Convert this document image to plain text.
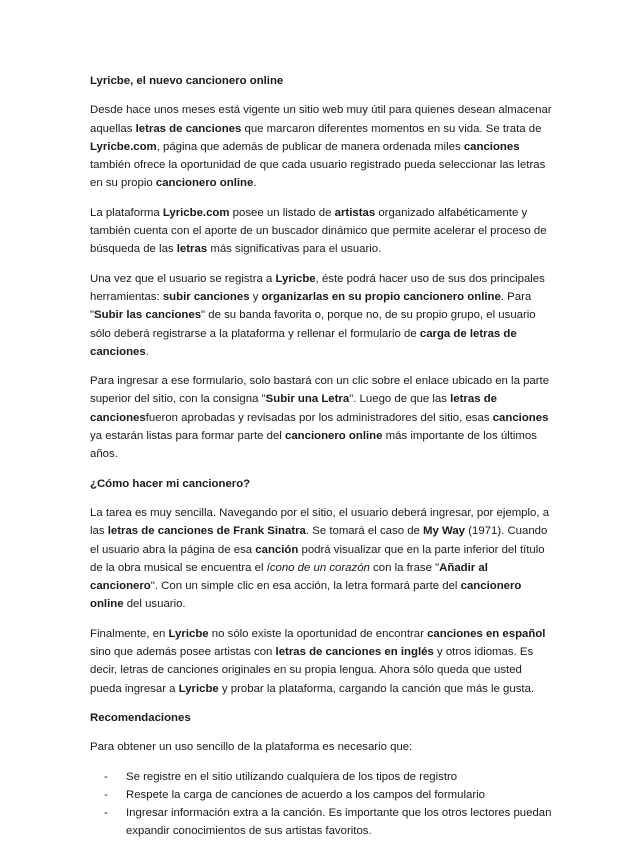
Lyricbe, el nuevo cancionero online

Desde hace unos meses está vigente un sitio web muy útil para quienes desean almacenar aquellas letras de canciones que marcaron diferentes momentos en su vida. Se trata de Lyricbe.com, página que además de publicar de manera ordenada miles canciones también ofrece la oportunidad de que cada usuario registrado pueda seleccionar las letras en su propio cancionero online.

La plataforma Lyricbe.com posee un listado de artistas organizado alfabéticamente y también cuenta con el aporte de un buscador dinámico que permite acelerar el proceso de búsqueda de las letras más significativas para el usuario.

Una vez que el usuario se registra a Lyricbe, éste podrá hacer uso de sus dos principales herramientas: subir canciones y organizarlas en su propio cancionero online. Para "Subir las canciones" de su banda favorita o, porque no, de su propio grupo, el usuario sólo deberá registrarse a la plataforma y rellenar el formulario de carga de letras de canciones.

Para ingresar a ese formulario, solo bastará con un clic sobre el enlace ubicado en la parte superior del sitio, con la consigna "Subir una Letra". Luego de que las letras de cancionesfueron aprobadas y revisadas por los administradores del sitio, esas canciones ya estarán listas para formar parte del cancionero online más importante de los últimos años.

¿Cómo hacer mi cancionero?

La tarea es muy sencilla. Navegando por el sitio, el usuario deberá ingresar, por ejemplo, a las letras de canciones de Frank Sinatra. Se tomará el caso de My Way (1971). Cuando el usuario abra la página de esa canción podrá visualizar que en la parte inferior del título de la obra musical se encuentra el ícono de un corazón con la frase "Añadir al cancionero". Con un simple clic en esa acción, la letra formará parte del cancionero online del usuario.

Finalmente, en Lyricbe no sólo existe la oportunidad de encontrar canciones en español sino que además posee artistas con letras de canciones en inglés y otros idiomas. Es decir, letras de canciones originales en su propia lengua. Ahora sólo queda que usted pueda ingresar a Lyricbe y probar la plataforma, cargando la canción que más le gusta.

Recomendaciones

Para obtener un uso sencillo de la plataforma es necesario que:

- Se registre en el sitio utilizando cualquiera de los tipos de registro
- Respete la carga de canciones de acuerdo a los campos del formulario
- Ingresar información extra a la canción. Es importante que los otros lectores puedan expandir conocimientos de sus artistas favoritos.
